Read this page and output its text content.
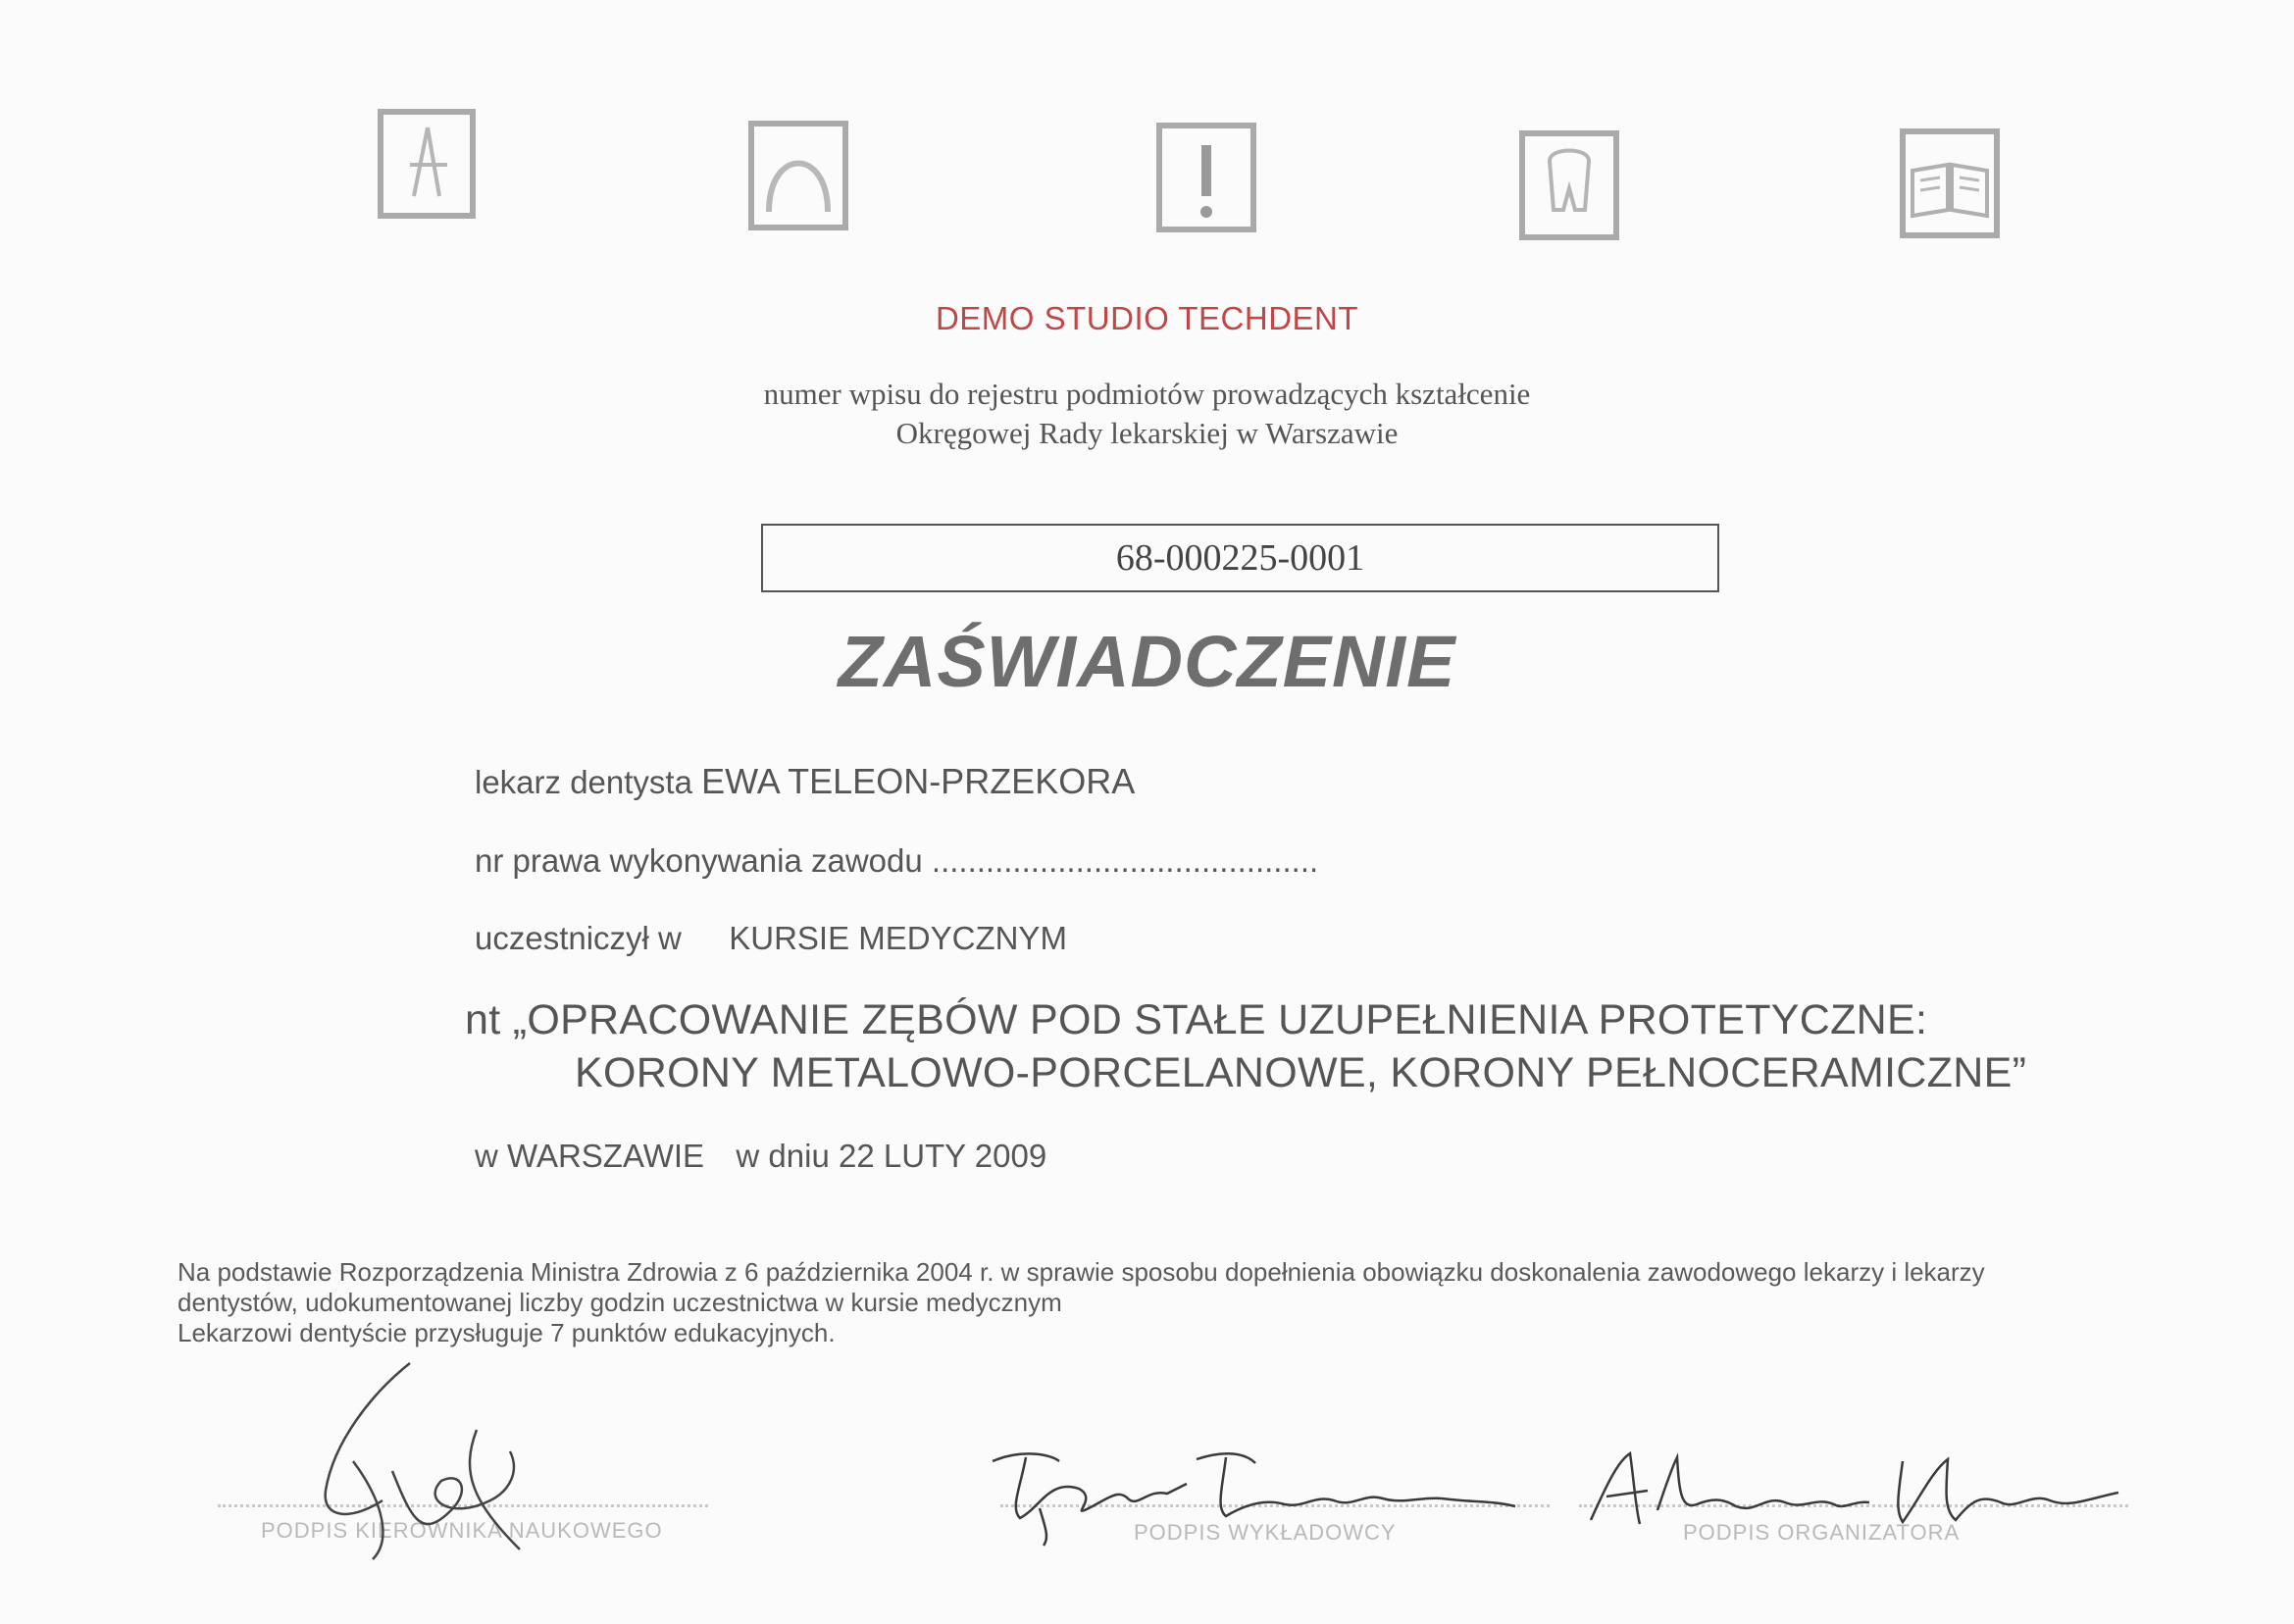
DEMO STUDIO TECHDENT
numer wpisu do rejestru podmiotów prowadzących kształcenie
Okręgowej Rady lekarskiej w Warszawie
68-000225-0001
ZAŚWIADCZENIE
lekarz dentysta EWA TELEON-PRZEKORA
nr prawa wykonywania zawodu ...........................................
uczestniczył w KURSIE MEDYCZNYM
nt „OPRACOWANIE ZĘBÓW POD STAŁE UZUPEŁNIENIA PROTETYCZNE:
KORONY METALOWO-PORCELANOWE, KORONY PEŁNOCERAMICZNE”
w WARSZAWIE w dniu 22 LUTY 2009
Na podstawie Rozporządzenia Ministra Zdrowia z 6 października 2004 r. w sprawie sposobu dopełnienia obowiązku doskonalenia zawodowego lekarzy i lekarzy
dentystów, udokumentowanej liczby godzin uczestnictwa w kursie medycznym
Lekarzowi dentyście przysługuje 7 punktów edukacyjnych.
PODPIS KIEROWNIKA NAUKOWEGO	PODPIS WYKŁADOWCY	PODPIS ORGANIZATORA
